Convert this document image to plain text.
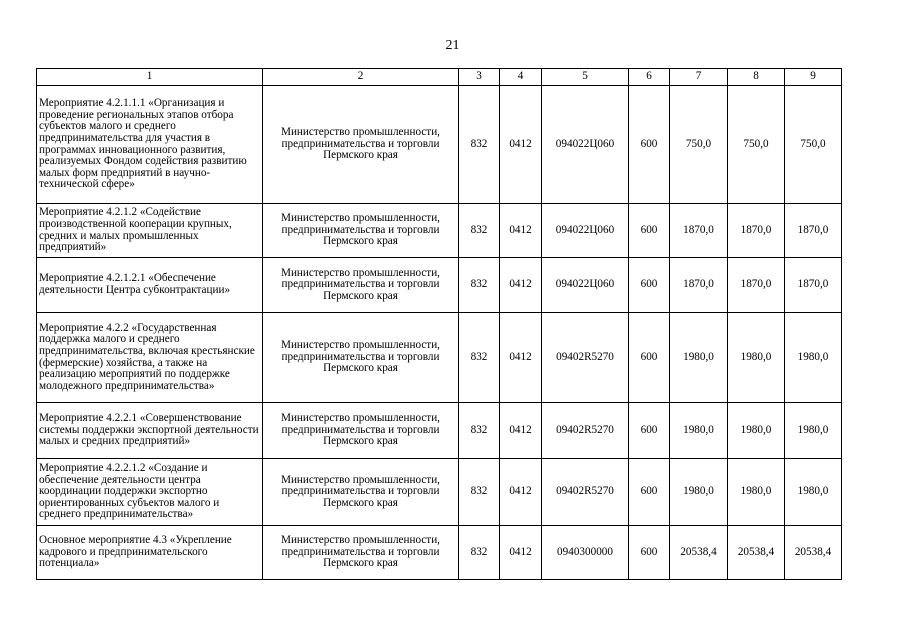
21
1	2	3	4	5	6	7	8	9
Мероприятие 4.2.1.1.1 «Организация и проведение региональных этапов отбора субъектов малого и среднего предпринимательства для участия в программах инновационного развития, реализуемых Фондом содействия развитию малых форм предприятий в научно-технической сфере»	Министерство промышленности, предпринимательства и торговли Пермского края	832	0412	094022Ц060	600	750,0	750,0	750,0
Мероприятие 4.2.1.2 «Содействие производственной кооперации крупных, средних и малых промышленных предприятий»	Министерство промышленности, предпринимательства и торговли Пермского края	832	0412	094022Ц060	600	1870,0	1870,0	1870,0
Мероприятие 4.2.1.2.1 «Обеспечение деятельности Центра субконтрактации»	Министерство промышленности, предпринимательства и торговли Пермского края	832	0412	094022Ц060	600	1870,0	1870,0	1870,0
Мероприятие 4.2.2 «Государственная поддержка малого и среднего предпринимательства, включая крестьянские (фермерские) хозяйства, а также на реализацию мероприятий по поддержке молодежного предпринимательства»	Министерство промышленности, предпринимательства и торговли Пермского края	832	0412	09402R5270	600	1980,0	1980,0	1980,0
Мероприятие 4.2.2.1 «Совершенствование системы поддержки экспортной деятельности малых и средних предприятий»	Министерство промышленности, предпринимательства и торговли Пермского края	832	0412	09402R5270	600	1980,0	1980,0	1980,0
Мероприятие 4.2.2.1.2 «Создание и обеспечение деятельности центра координации поддержки экспортно ориентированных субъектов малого и среднего предпринимательства»	Министерство промышленности, предпринимательства и торговли Пермского края	832	0412	09402R5270	600	1980,0	1980,0	1980,0
Основное мероприятие 4.3 «Укрепление кадрового и предпринимательского потенциала»	Министерство промышленности, предпринимательства и торговли Пермского края	832	0412	0940300000	600	20538,4	20538,4	20538,4
